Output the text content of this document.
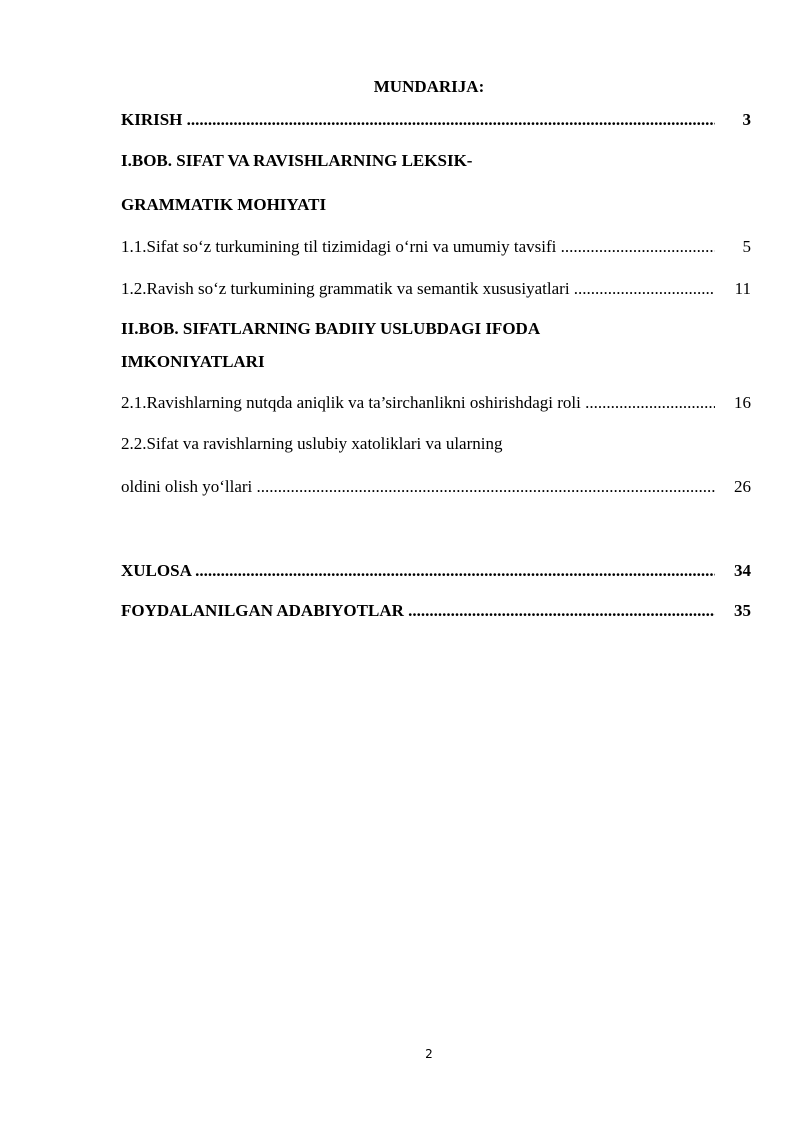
MUNDARIJA:
KIRISH .....	3
I.BOB. SIFAT VA RAVISHLARNING LEKSIK-
GRAMMATIK MOHIYATI
1.1.Sifat so‘z turkumining til tizimidagi o‘rni va umumiy tavsifi .....	5
1.2.Ravish so‘z turkumining grammatik va semantik xususiyatlari .....	11
II.BOB. SIFATLARNING BADIIY USLUBDAGI IFODA
IMKONIYATLARI
2.1.Ravishlarning nutqda aniqlik va ta’sirchanlikni oshirishdagi roli .....	16
2.2.Sifat va ravishlarning uslubiy xatoliklari va ularning
oldini olish yo‘llari .....	26
XULOSA .....	34
FOYDALANILGAN ADABIYOTLAR .....	35
2
